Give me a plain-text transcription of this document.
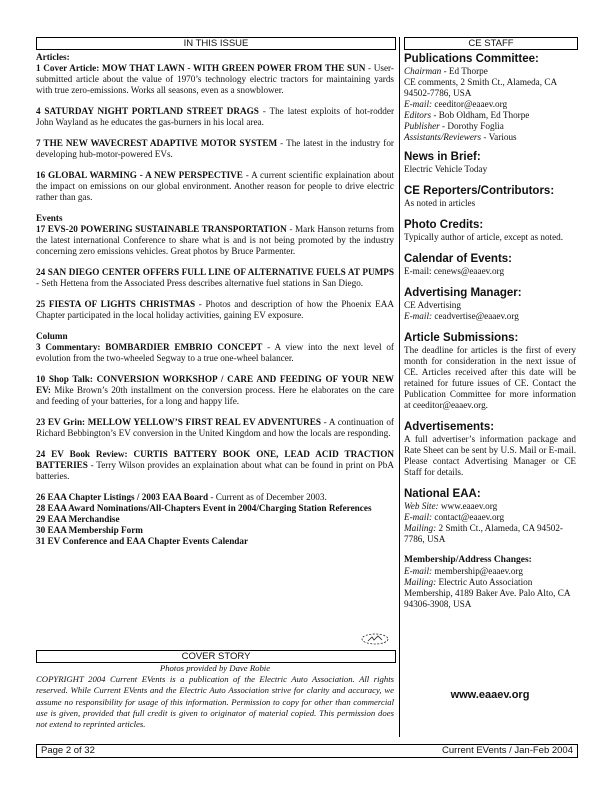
IN THIS ISSUE	CE STAFF

Articles:

1 Cover Article: MOW THAT LAWN - WITH GREEN POWER FROM THE SUN - User-submitted article about the value of 1970’s technology electric tractors for maintaining yards with true zero-emissions. Works all seasons, even as a snowblower.

4 SATURDAY NIGHT PORTLAND STREET DRAGS - The latest exploits of hot-rodder John Wayland as he educates the gas-burners in his local area.

7 THE NEW WAVECREST ADAPTIVE MOTOR SYSTEM - The latest in the industry for developing hub-motor-powered EVs.

16 GLOBAL WARMING - A NEW PERSPECTIVE - A current scientific explaination about the impact on emissions on our global environment. Another reason for people to drive electric rather than gas.

Events

17 EVS-20 POWERING SUSTAINABLE TRANSPORTATION - Mark Hanson returns from the latest international Conference to share what is and is not being promoted by the industry concerning zero emissions vehicles. Great photos by Bruce Parmenter.

24 SAN DIEGO CENTER OFFERS FULL LINE OF ALTERNATIVE FUELS AT PUMPS - Seth Hettena from the Associated Press describes alternative fuel stations in San Diego.

25 FIESTA OF LIGHTS CHRISTMAS - Photos and description of how the Phoenix EAA Chapter participated in the local holiday activities, gaining EV exposure.

Column

3 Commentary: BOMBARDIER EMBRIO CONCEPT - A view into the next level of evolution from the two-wheeled Segway to a true one-wheel balancer.

10 Shop Talk: CONVERSION WORKSHOP / CARE AND FEEDING OF YOUR NEW EV: Mike Brown’s 20th installment on the conversion process. Here he elaborates on the care and feeding of your batteries, for a long and happy life.

23 EV Grin: MELLOW YELLOW’S FIRST REAL EV ADVENTURES - A continuation of Richard Bebbington’s EV conversion in the United Kingdom and how the locals are responding.

24 EV Book Review: CURTIS BATTERY BOOK ONE, LEAD ACID TRACTION BATTERIES - Terry Wilson provides an explaination about what can be found in print on PbA batteries.

26 EAA Chapter Listings / 2003 EAA Board - Current as of December 2003.

28 EAA Award Nominations/All-Chapters Event in 2004/Charging Station References

29 EAA Merchandise

30 EAA Membership Form

31 EV Conference and EAA Chapter Events Calendar

COVER STORY

Photos provided by Dave Robie

COPYRIGHT 2004 Current EVents is a publication of the Electric Auto Association. All rights reserved. While Current EVents and the Electric Auto Association strive for clarity and accuracy, we assume no responsibility for usage of this information. Permission to copy for other than commercial use is given, provided that full credit is given to originator of material copied. This permission does not extend to reprinted articles.

Publications Committee:

Chairman - Ed Thorpe

CE comments, 2 Smith Ct., Alameda, CA 94502-7786, USA

E-mail: ceeditor@eaaev.org

Editors - Bob Oldham, Ed Thorpe

Publisher - Dorothy Foglia

Assistants/Reviewers - Various

News in Brief:

Electric Vehicle Today

CE Reporters/Contributors:

As noted in articles

Photo Credits:

Typically author of article, except as noted.

Calendar of Events:

E-mail: cenews@eaaev.org

Advertising Manager:

CE Advertising

E-mail: ceadvertise@eaaev.org

Article Submissions:

The deadline for articles is the first of every month for consideration in the next issue of CE. Articles received after this date will be retained for future issues of CE. Contact the Publication Committee for more information at ceeditor@eaaev.org.

Advertisements:

A full advertiser’s information package and Rate Sheet can be sent by U.S. Mail or E-mail. Please contact Advertising Manager or CE Staff for details.

National EAA:

Web Site: www.eaaev.org

E-mail: contact@eaaev.org

Mailing: 2 Smith Ct., Alameda, CA 94502-7786, USA

Membership/Address Changes:

E-mail: membership@eaaev.org

Mailing: Electric Auto Association Membership, 4189 Baker Ave. Palo Alto, CA 94306-3908, USA

www.eaaev.org
Page 2 of 32	Current EVents / Jan-Feb 2004
